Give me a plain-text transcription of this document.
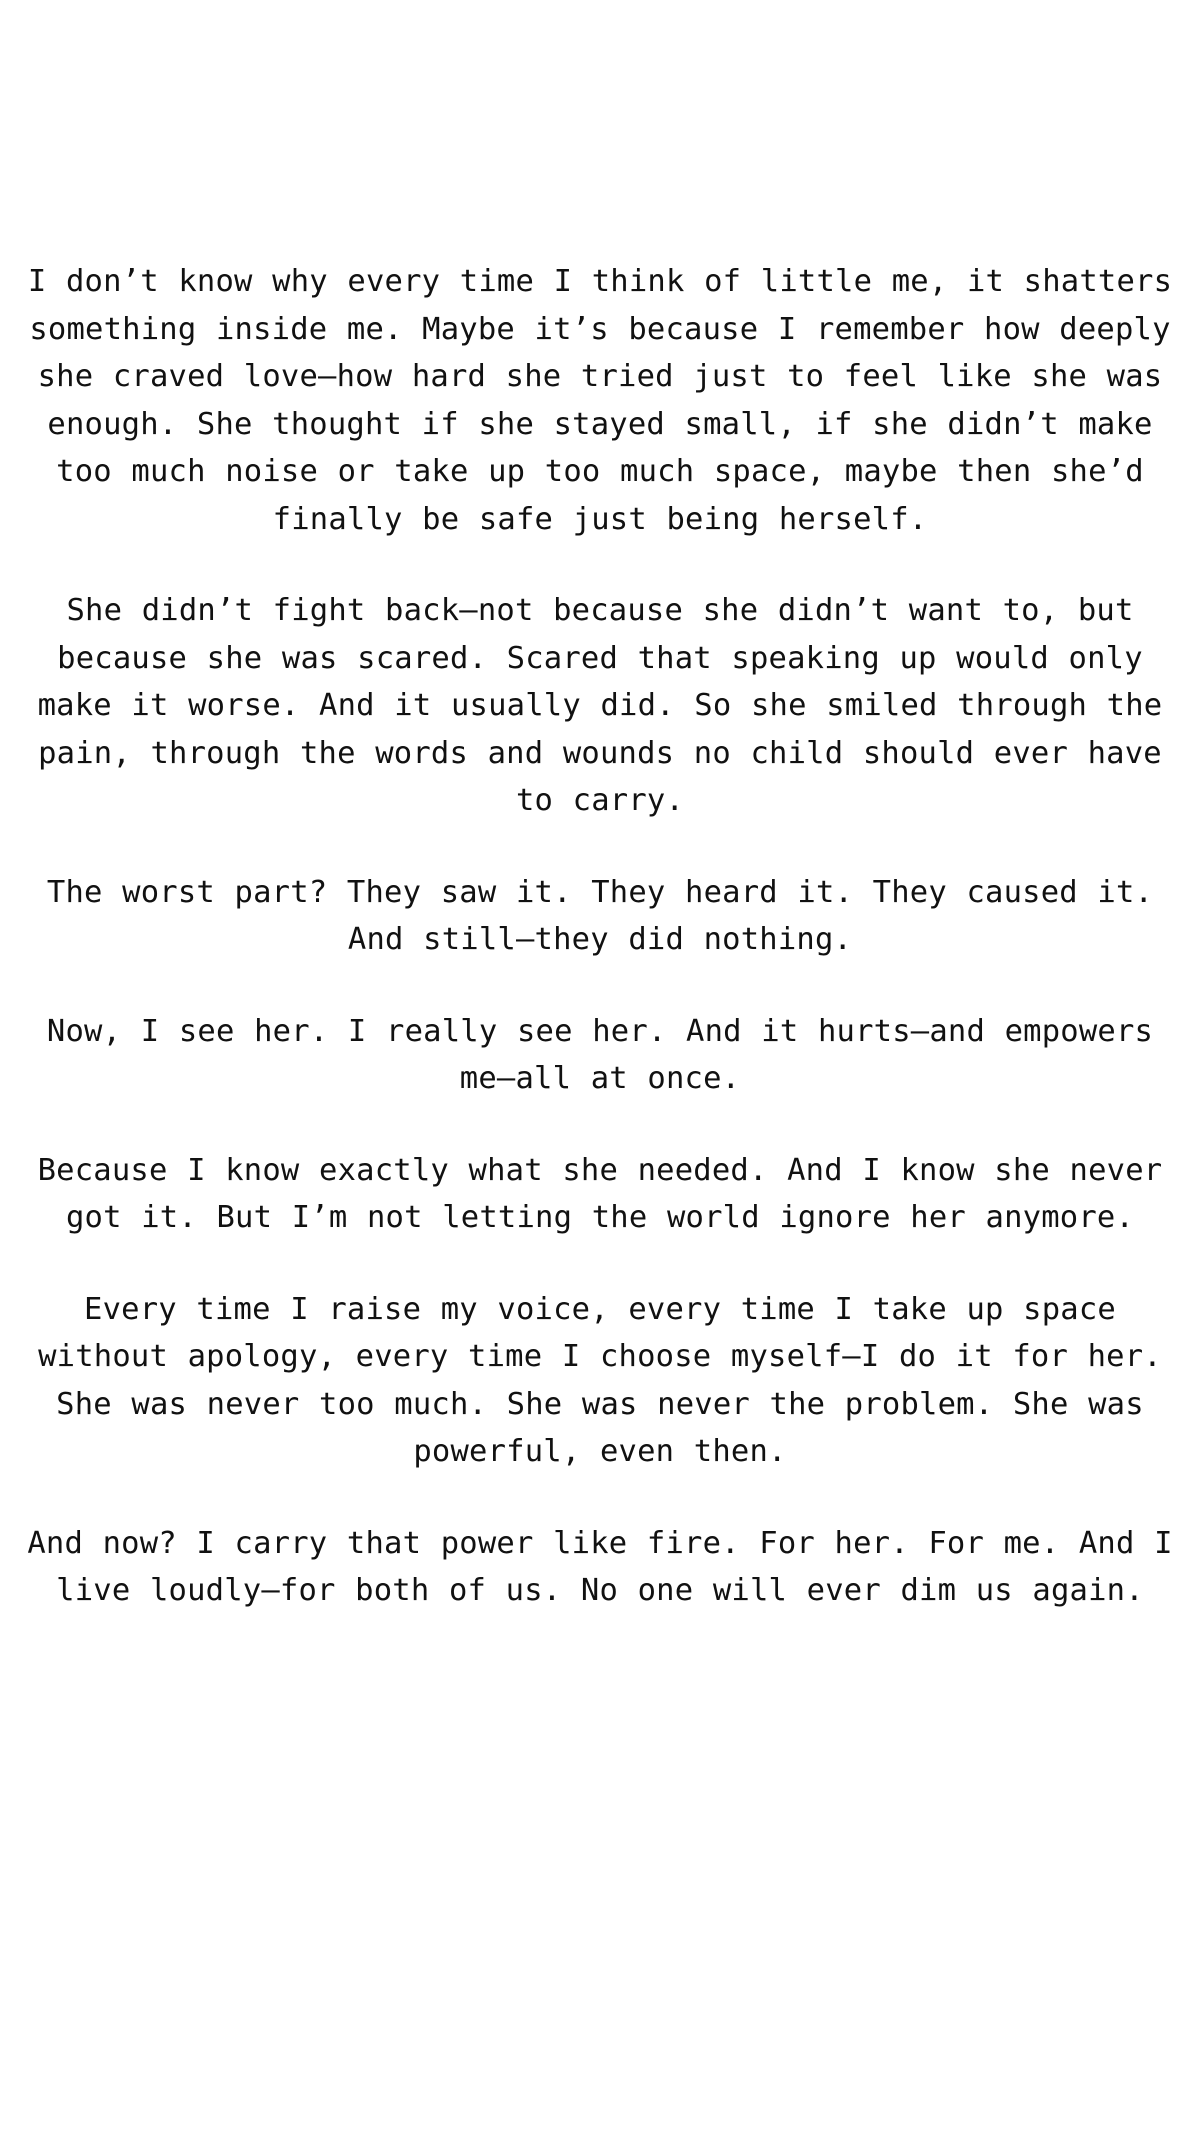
I don’t know why every time I think of little me, it shatters something inside me. Maybe it’s because I remember how deeply she craved love—how hard she tried just to feel like she was enough. She thought if she stayed small, if she didn’t make too much noise or take up too much space, maybe then she’d finally be safe just being herself.

She didn’t fight back—not because she didn’t want to, but because she was scared. Scared that speaking up would only make it worse. And it usually did. So she smiled through the pain, through the words and wounds no child should ever have to carry.

The worst part? They saw it. They heard it. They caused it. And still—they did nothing.

Now, I see her. I really see her. And it hurts—and empowers me—all at once.

Because I know exactly what she needed. And I know she never got it. But I’m not letting the world ignore her anymore.

Every time I raise my voice, every time I take up space without apology, every time I choose myself—I do it for her. She was never too much. She was never the problem. She was powerful, even then.

And now? I carry that power like fire. For her. For me. And I live loudly—for both of us. No one will ever dim us again.
